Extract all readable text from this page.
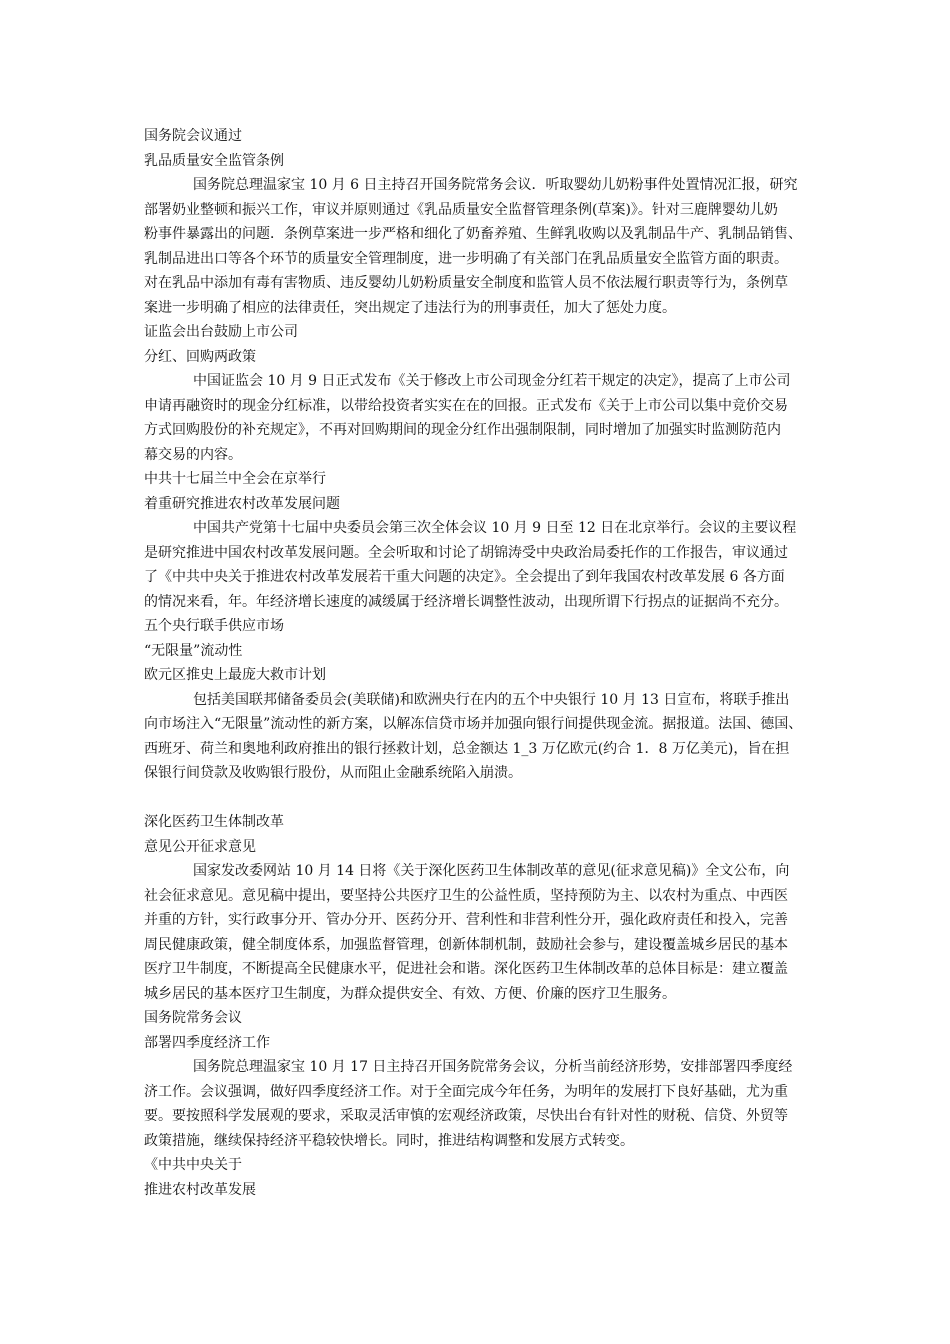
国务院会议通过
乳品质量安全监管条例
国务院总理温家宝 10 月 6 日主持召开国务院常务会议．听取婴幼儿奶粉事件处置情况汇报，研究
部署奶业整顿和振兴工作，审议并原则通过《乳品质量安全监督管理条例(草案)》。针对三鹿牌婴幼儿奶
粉事件暴露出的问题．条例草案进一步严格和细化了奶畜养殖、生鲜乳收购以及乳制品牛产、乳制品销售、
乳制品进出口等各个环节的质量安全管理制度，进一步明确了有关部门在乳品质量安全监管方面的职责。
对在乳品中添加有毒有害物质、违反婴幼儿奶粉质量安全制度和监管人员不依法履行职责等行为，条例草
案进一步明确了相应的法律责任，突出规定了违法行为的刑事责任，加大了惩处力度。
证监会出台鼓励上市公司
分红、回购两政策
中国证监会 10 月 9 日正式发布《关于修改上市公司现金分红若干规定的决定》，提高了上市公司
申请再融资时的现金分红标准，以带给投资者实实在在的回报。正式发布《关于上市公司以集中竞价交易
方式回购股份的补充规定》，不再对回购期间的现金分红作出强制限制，同时增加了加强实时监测防范内
幕交易的内容。
中共十七届兰中全会在京举行
着重研究推进农村改革发展问题
中国共产党第十七届中央委员会第三次全体会议 10 月 9 日至 12 日在北京举行。会议的主要议程
是研究推进中国农村改革发展问题。全会听取和讨论了胡锦涛受中央政治局委托作的工作报告，审议通过
了《中共中央关于推进农村改革发展若干重大问题的决定》。全会提出了到年我国农村改革发展 6 各方面
的情况来看，年。年经济增长速度的减缓属于经济增长调整性波动，出现所谓下行拐点的证据尚不充分。
五个央行联手供应市场
“无限量”流动性
欧元区推史上最庞大救市计划
包括美国联邦储备委员会(美联储)和欧洲央行在内的五个中央银行 10 月 13 日宣布，将联手推出
向市场注入“无限量”流动性的新方案，以解冻信贷市场并加强向银行间提供现金流。据报道。法国、德国、
西班牙、荷兰和奥地利政府推出的银行拯救计划，总金额达 1_3 万亿欧元(约合 1．8 万亿美元)，旨在担
保银行间贷款及收购银行股份，从而阻止金融系统陷入崩溃。
深化医药卫生体制改革
意见公开征求意见
国家发改委网站 10 月 14 日将《关于深化医药卫生体制改革的意见(征求意见稿)》全文公布，向
社会征求意见。意见稿中提出，要坚持公共医疗卫生的公益性质，坚持预防为主、以农村为重点、中西医
并重的方针，实行政事分开、管办分开、医药分开、营利性和非营利性分开，强化政府责任和投入，完善
周民健康政策，健全制度体系，加强监督管理，创新体制机制，鼓励社会参与，建设覆盖城乡居民的基本
医疗卫牛制度，不断提高全民健康水平，促进社会和谐。深化医药卫生体制改革的总体目标是：建立覆盖
城乡居民的基本医疗卫生制度，为群众提供安全、有效、方便、价廉的医疗卫生服务。
国务院常务会议
部署四季度经济工作
国务院总理温家宝 10 月 17 日主持召开国务院常务会议，分析当前经济形势，安排部署四季度经
济工作。会议强调，做好四季度经济工作。对于全面完成今年任务，为明年的发展打下良好基础，尤为重
要。要按照科学发展观的要求，采取灵活审慎的宏观经济政策，尽快出台有针对性的财税、信贷、外贸等
政策措施，继续保持经济平稳较快增长。同时，推进结构调整和发展方式转变。
《中共中央关于
推进农村改革发展
